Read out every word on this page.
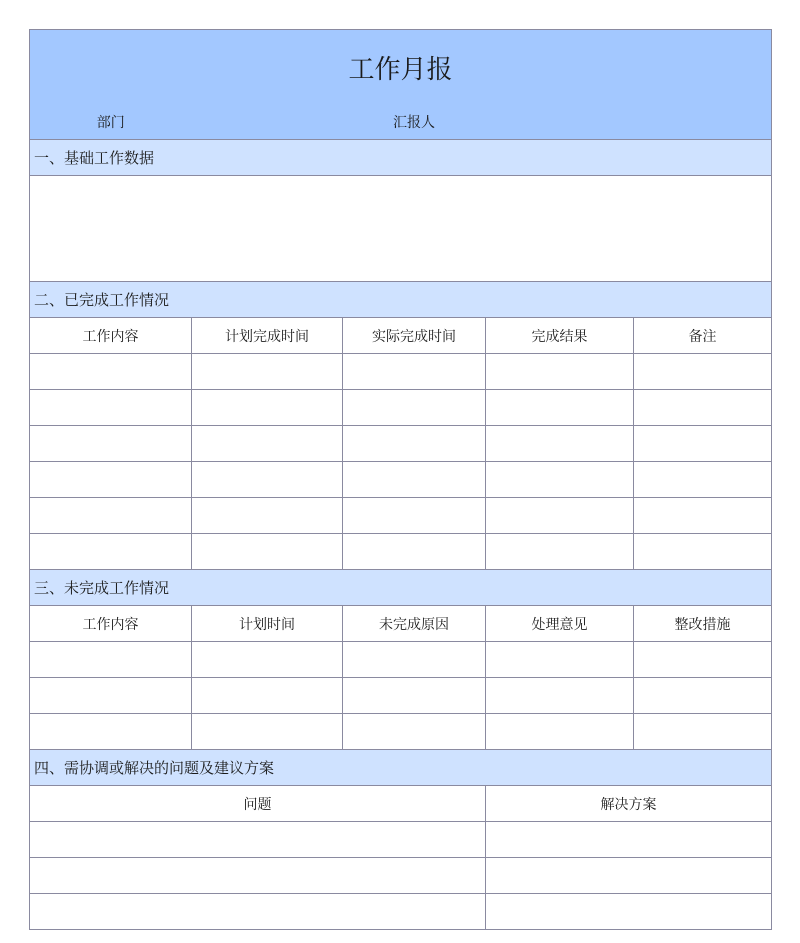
工作月报				
部门		汇报人		
一、基础工作数据				

二、已完成工作情况				
工作内容	计划完成时间	实际完成时间	完成结果	备注

三、未完成工作情况				
工作内容	计划时间	未完成原因	处理意见	整改措施

四、需协调或解决的问题及建议方案				
问题			解决方案	
